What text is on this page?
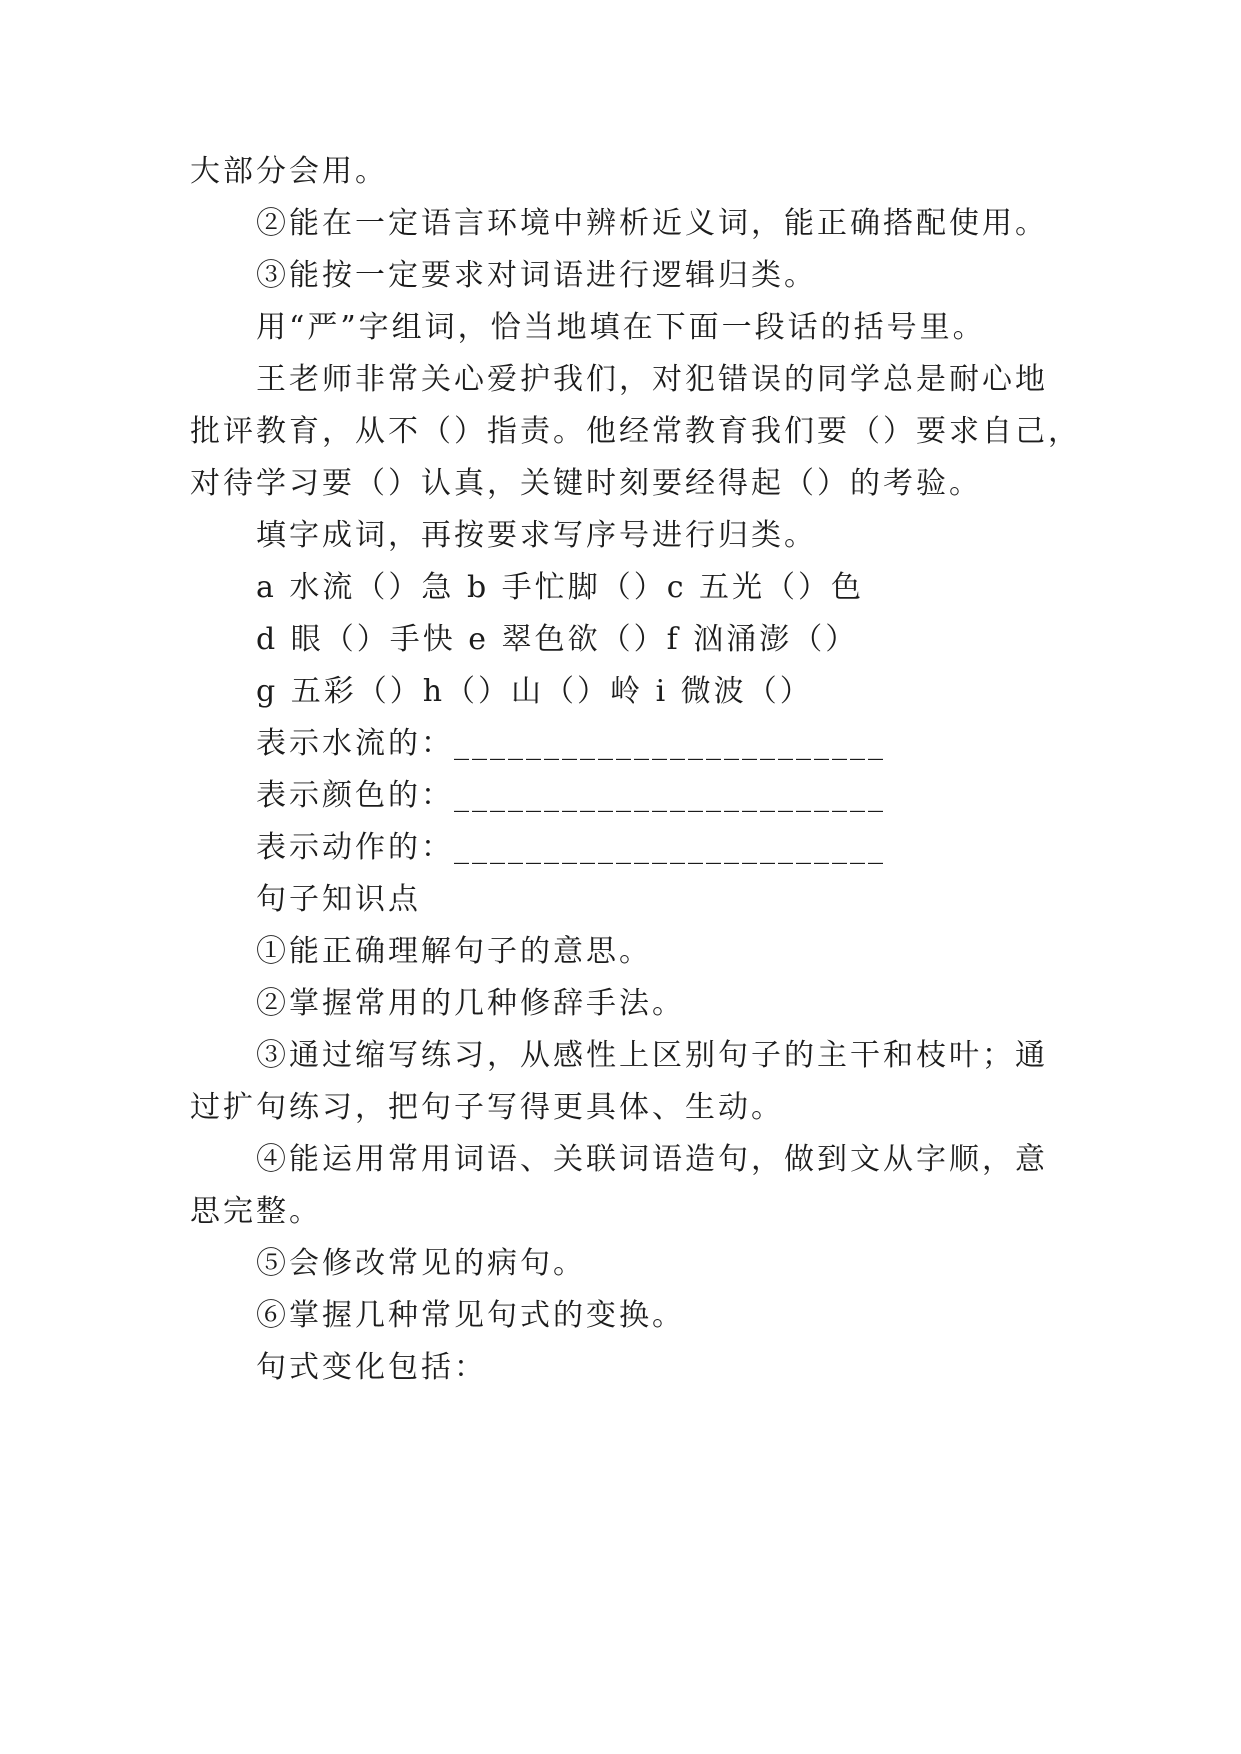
大部分会用。
②能在一定语言环境中辨析近义词，能正确搭配使用。
③能按一定要求对词语进行逻辑归类。
用“严”字组词，恰当地填在下面一段话的括号里。
王老师非常关心爱护我们，对犯错误的同学总是耐心地
批评教育，从不（）指责。他经常教育我们要（）要求自己，
对待学习要（）认真，关键时刻要经得起（）的考验。
填字成词，再按要求写序号进行归类。
a 水流（）急 b 手忙脚（）c 五光（）色
d 眼（）手快 e 翠色欲（）f 汹涌澎（）
g 五彩（）h（）山（）岭 i 微波（）
表示水流的：________________________
表示颜色的：________________________
表示动作的：________________________
句子知识点
①能正确理解句子的意思。
②掌握常用的几种修辞手法。
③通过缩写练习，从感性上区别句子的主干和枝叶；通
过扩句练习，把句子写得更具体、生动。
④能运用常用词语、关联词语造句，做到文从字顺，意
思完整。
⑤会修改常见的病句。
⑥掌握几种常见句式的变换。
句式变化包括：
